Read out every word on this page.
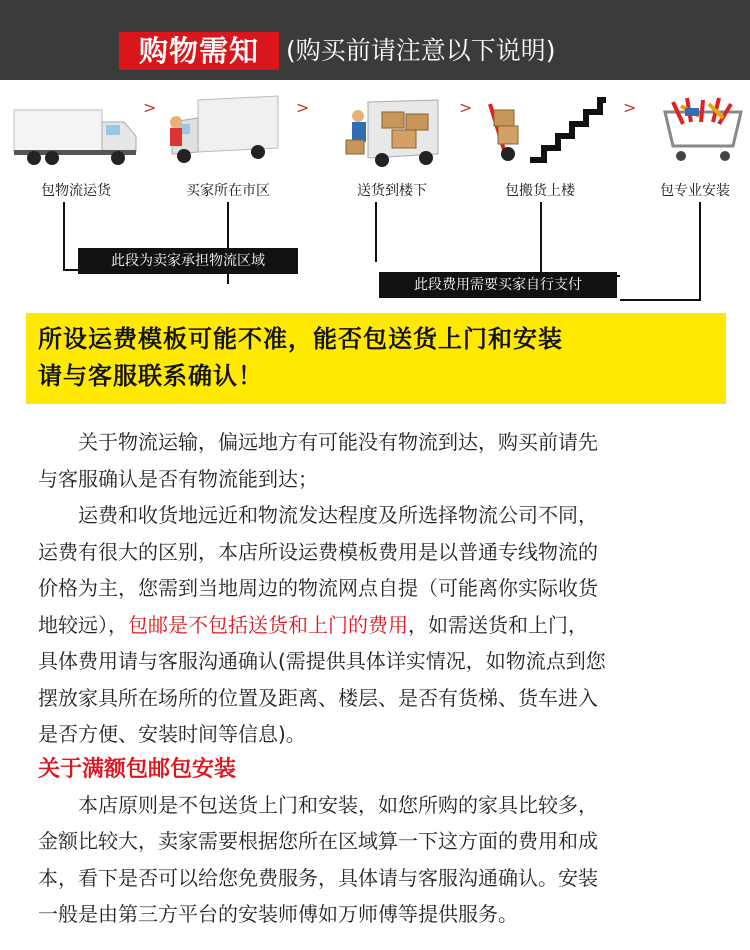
购物需知	(购买前请注意以下说明)
包物流运货
>
买家所在市区
>
送货到楼下
>
包搬货上楼
>
包专业安装
此段为卖家承担物流区域
此段费用需要买家自行支付

所设运费模板可能不准，能否包送货上门和安装

请与客服联系确认！

关于物流运输，偏远地方有可能没有物流到达，购买前请先

与客服确认是否有物流能到达；

运费和收货地远近和物流发达程度及所选择物流公司不同，

运费有很大的区别，本店所设运费模板费用是以普通专线物流的

价格为主，您需到当地周边的物流网点自提（可能离你实际收货

地较远），包邮是不包括送货和上门的费用，如需送货和上门，

具体费用请与客服沟通确认(需提供具体详实情况，如物流点到您

摆放家具所在场所的位置及距离、楼层、是否有货梯、货车进入

是否方便、安装时间等信息)。

关于满额包邮包安装

本店原则是不包送货上门和安装，如您所购的家具比较多，

金额比较大，卖家需要根据您所在区域算一下这方面的费用和成

本，看下是否可以给您免费服务，具体请与客服沟通确认。安装

一般是由第三方平台的安装师傅如万师傅等提供服务。
